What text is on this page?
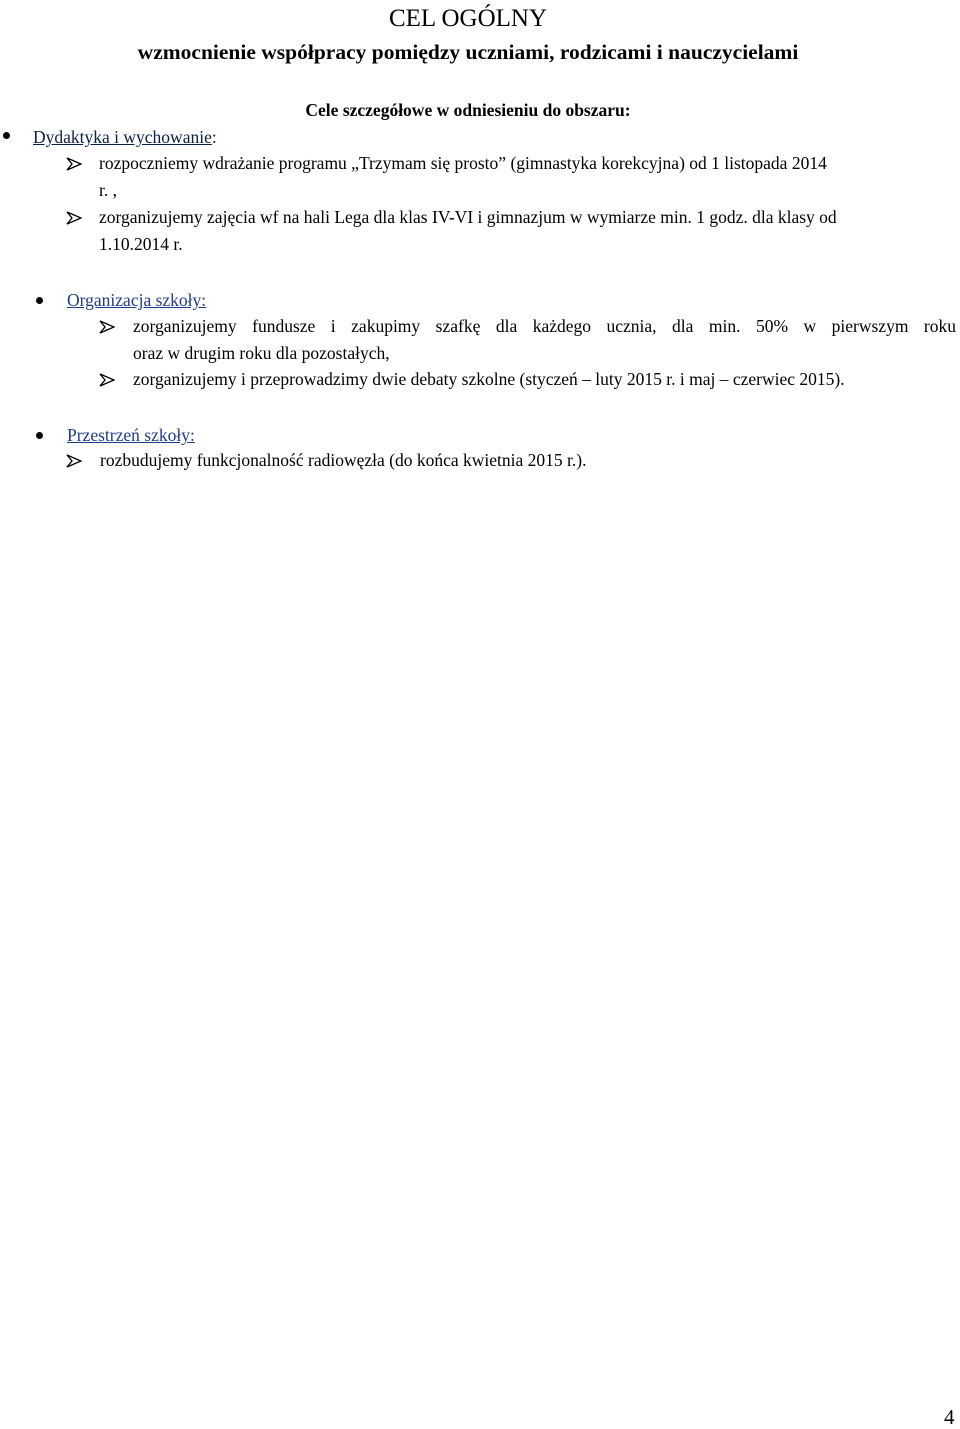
CEL OGÓLNY
wzmocnienie współpracy pomiędzy uczniami, rodzicami i nauczycielami
Cele szczegółowe w odniesieniu do obszaru:
Dydaktyka i wychowanie:
rozpoczniemy wdrażanie programu „Trzymam się prosto” (gimnastyka korekcyjna) od 1 listopada 2014
r. ,
zorganizujemy zajęcia wf na hali Lega dla klas IV-VI i gimnazjum w wymiarze min. 1 godz. dla klasy od
1.10.2014 r.
Organizacja szkoły:
zorganizujemy fundusze i zakupimy szafkę dla każdego ucznia, dla min. 50% w pierwszym roku
oraz w drugim roku dla pozostałych,
zorganizujemy i przeprowadzimy dwie debaty szkolne (styczeń – luty 2015 r. i maj – czerwiec 2015).
Przestrzeń szkoły:
rozbudujemy funkcjonalność radiowęzła (do końca kwietnia 2015 r.).
4
